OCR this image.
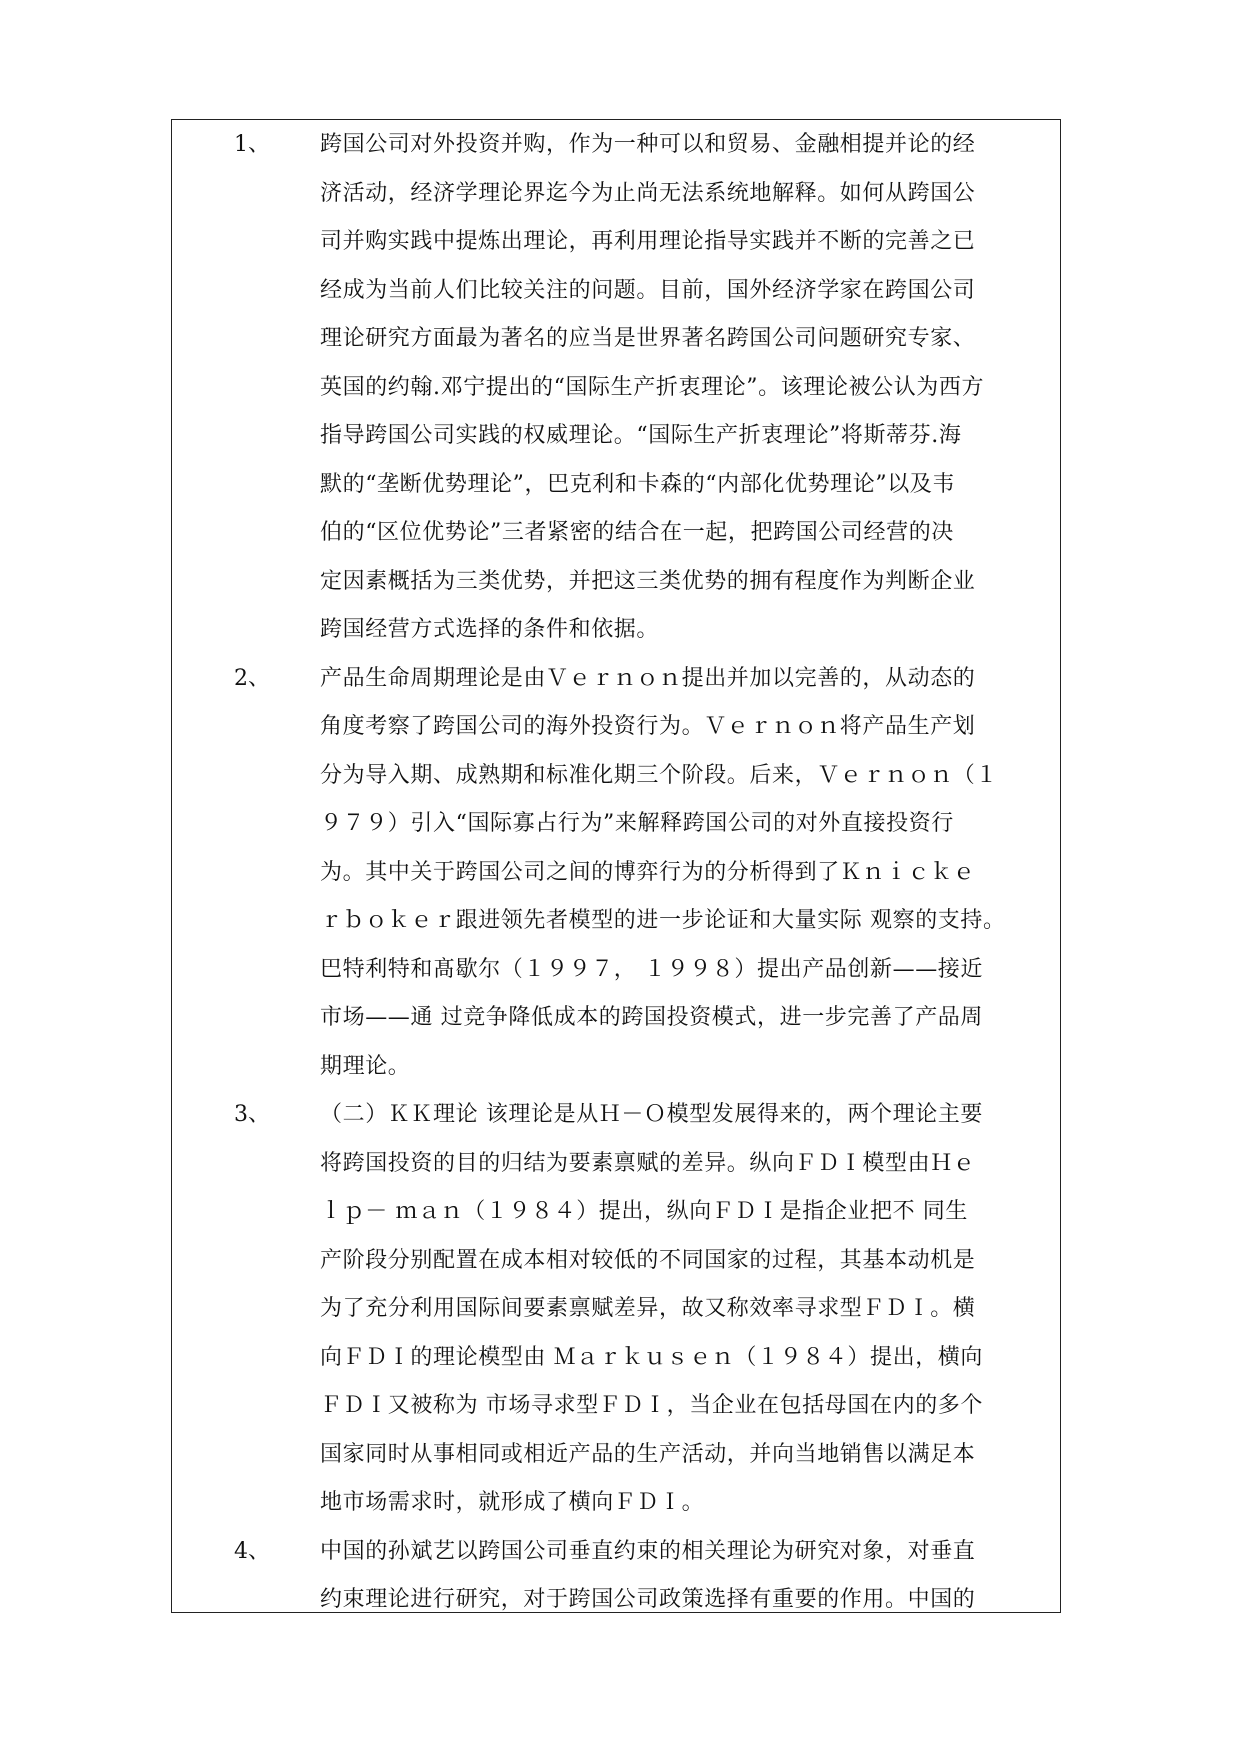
1、 跨国公司对外投资并购，作为一种可以和贸易、金融相提并论的经
济活动，经济学理论界迄今为止尚无法系统地解释。如何从跨国公
司并购实践中提炼出理论，再利用理论指导实践并不断的完善之已
经成为当前人们比较关注的问题。目前，国外经济学家在跨国公司
理论研究方面最为著名的应当是世界著名跨国公司问题研究专家、
英国的约翰.邓宁提出的“国际生产折衷理论”。该理论被公认为西方
指导跨国公司实践的权威理论。“国际生产折衷理论”将斯蒂芬.海
默的“垄断优势理论”，巴克利和卡森的“内部化优势理论”以及韦
伯的“区位优势论”三者紧密的结合在一起，把跨国公司经营的决
定因素概括为三类优势，并把这三类优势的拥有程度作为判断企业
跨国经营方式选择的条件和依据。
2、 产品生命周期理论是由Ｖｅｒｎｏｎ提出并加以完善的，从动态的
角度考察了跨国公司的海外投资行为。Ｖｅｒｎｏｎ将产品生产划
分为导入期、成熟期和标准化期三个阶段。后来，Ｖｅｒｎｏｎ（１
９７９）引入“国际寡占行为”来解释跨国公司的对外直接投资行
为。其中关于跨国公司之间的博弈行为的分析得到了Ｋｎｉｃｋｅ
ｒｂｏｋｅｒ跟进领先者模型的进一步论证和大量实际 观察的支持。
巴特利特和髙歇尔（１９９７， １９９８）提出产品创新——接近
市场——通 过竞争降低成本的跨国投资模式，进一步完善了产品周
期理论。
3、 （二）ＫＫ理论 该理论是从Ｈ－Ｏ模型发展得来的，两个理论主要
将跨国投资的目的归结为要素禀赋的差异。纵向ＦＤＩ模型由Ｈｅ
ｌｐ－ ｍａｎ（１９８４）提出，纵向ＦＤＩ是指企业把不 同生
产阶段分别配置在成本相对较低的不同国家的过程，其基本动机是
为了充分利用国际间要素禀赋差异，故又称效率寻求型ＦＤＩ。横
向ＦＤＩ的理论模型由 Ｍａｒｋｕｓｅｎ（１９８４）提出，横向
ＦＤＩ又被称为 市场寻求型ＦＤＩ，当企业在包括母国在内的多个
国家同时从事相同或相近产品的生产活动，并向当地销售以满足本
地市场需求时，就形成了横向ＦＤＩ。
4、 中国的孙斌艺以跨国公司垂直约束的相关理论为研究对象，对垂直
约束理论进行研究，对于跨国公司政策选择有重要的作用。中国的
